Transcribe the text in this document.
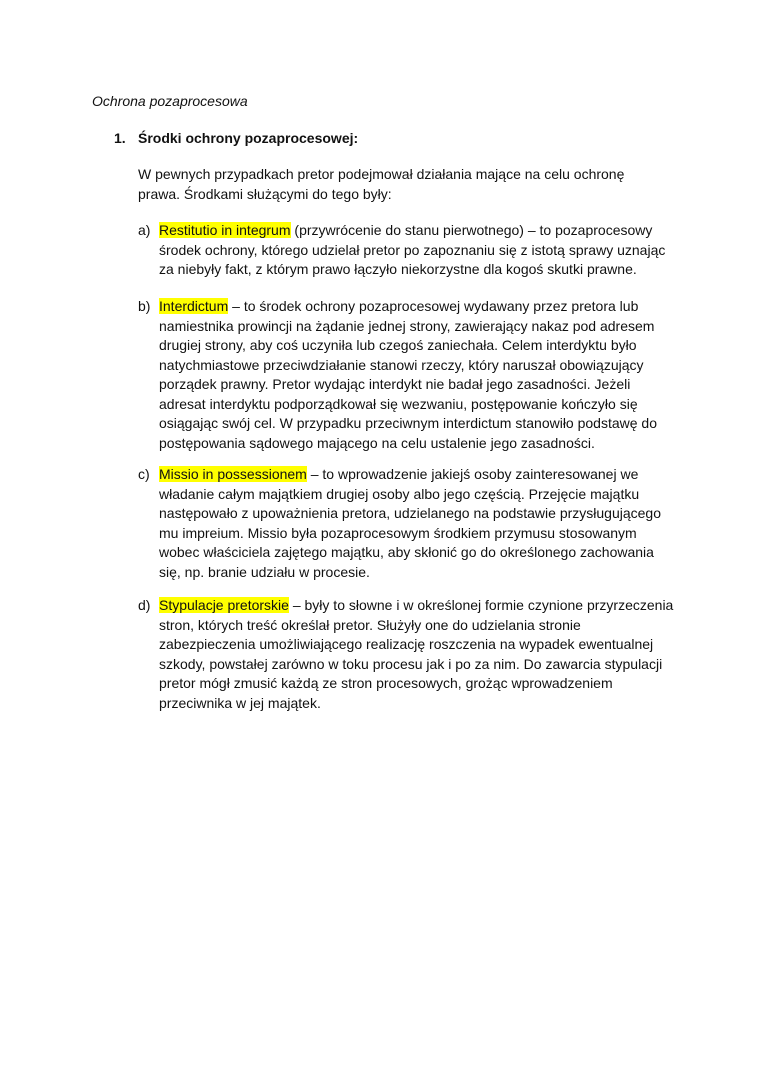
Ochrona pozaprocesowa

1. Środki ochrony pozaprocesowej:

W pewnych przypadkach pretor podejmował działania mające na celu ochronę prawa. Środkami służącymi do tego były:

a) Restitutio in integrum (przywrócenie do stanu pierwotnego) – to pozaprocesowy środek ochrony, którego udzielał pretor po zapoznaniu się z istotą sprawy uznając za niebyły fakt, z którym prawo łączyło niekorzystne dla kogoś skutki prawne.
b) Interdictum – to środek ochrony pozaprocesowej wydawany przez pretora lub namiestnika prowincji na żądanie jednej strony, zawierający nakaz pod adresem drugiej strony, aby coś uczyniła lub czegoś zaniechała. Celem interdyktu było natychmiastowe przeciwdziałanie stanowi rzeczy, który naruszał obowiązujący porządek prawny. Pretor wydając interdykt nie badał jego zasadności. Jeżeli adresat interdyktu podporządkował się wezwaniu, postępowanie kończyło się osiągając swój cel. W przypadku przeciwnym interdictum stanowiło podstawę do postępowania sądowego mającego na celu ustalenie jego zasadności.
c) Missio in possessionem – to wprowadzenie jakiejś osoby zainteresowanej we władanie całym majątkiem drugiej osoby albo jego częścią. Przejęcie majątku następowało z upoważnienia pretora, udzielanego na podstawie przysługującego mu impreium. Missio była pozaprocesowym środkiem przymusu stosowanym wobec właściciela zajętego majątku, aby skłonić go do określonego zachowania się, np. branie udziału w procesie.
d) Stypulacje pretorskie – były to słowne i w określonej formie czynione przyrzeczenia stron, których treść określał pretor. Służyły one do udzielania stronie zabezpieczenia umożliwiającego realizację roszczenia na wypadek ewentualnej szkody, powstałej zarówno w toku procesu jak i po za nim. Do zawarcia stypulacji pretor mógł zmusić każdą ze stron procesowych, grożąc wprowadzeniem przeciwnika w jej majątek.
